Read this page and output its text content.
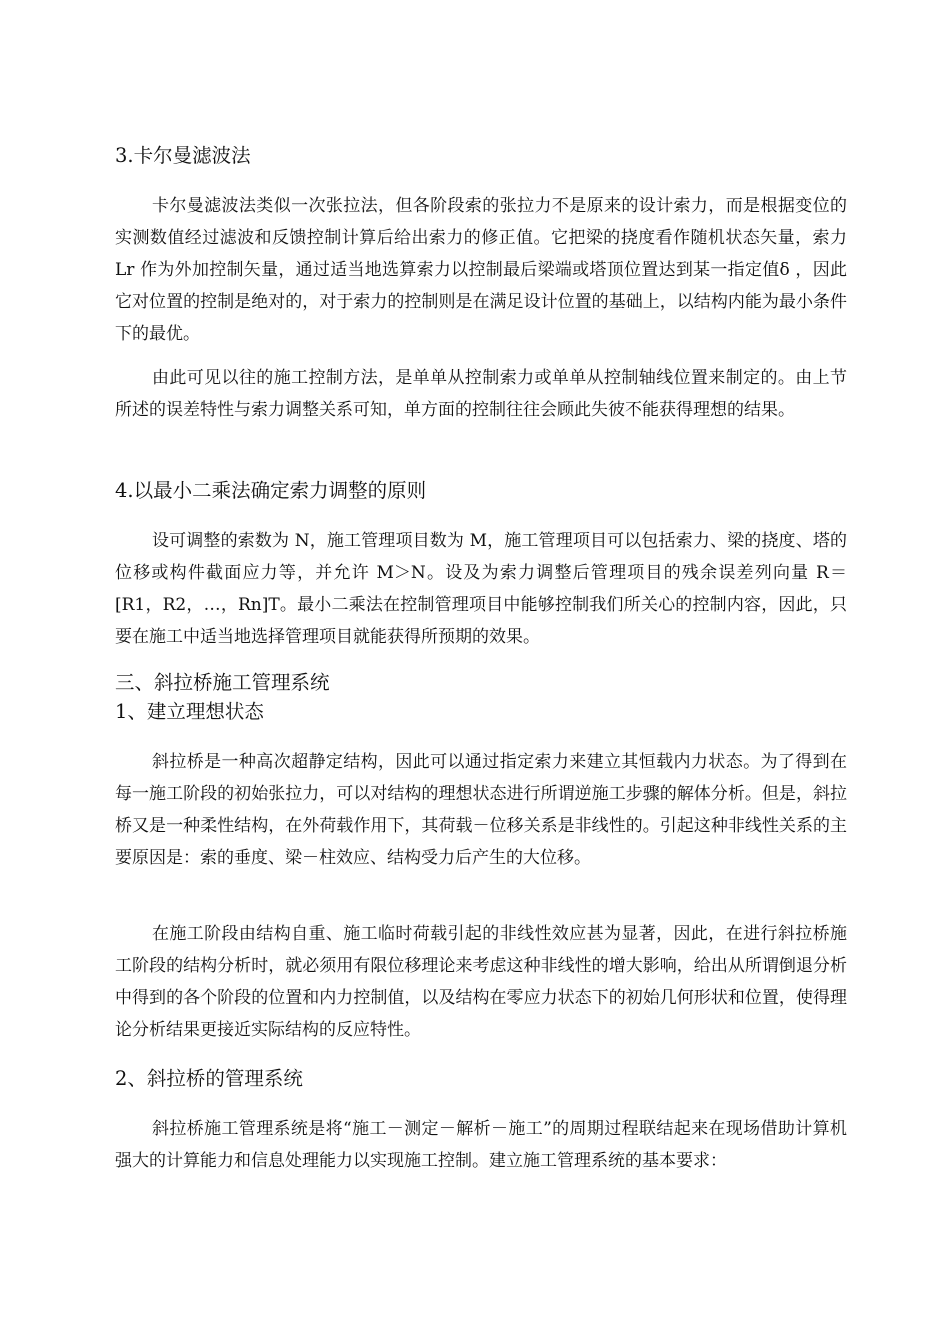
3.卡尔曼滤波法
卡尔曼滤波法类似一次张拉法，但各阶段索的张拉力不是原来的设计索力，而是根据变位的实测数值经过滤波和反馈控制计算后给出索力的修正值。它把梁的挠度看作随机状态矢量，索力 Lr 作为外加控制矢量，通过适当地选算索力以控制最后梁端或塔顶位置达到某一指定值δ ，因此它对位置的控制是绝对的，对于索力的控制则是在满足设计位置的基础上，以结构内能为最小条件下的最优。
由此可见以往的施工控制方法，是单单从控制索力或单单从控制轴线位置来制定的。由上节所述的误差特性与索力调整关系可知，单方面的控制往往会顾此失彼不能获得理想的结果。
4.以最小二乘法确定索力调整的原则
设可调整的索数为 N，施工管理项目数为 M，施工管理项目可以包括索力、梁的挠度、塔的位移或构件截面应力等，并允许 M＞N。设及为索力调整后管理项目的残余误差列向量 R＝[R1，R2，…，Rn]T。最小二乘法在控制管理项目中能够控制我们所关心的控制内容，因此，只要在施工中适当地选择管理项目就能获得所预期的效果。
三、斜拉桥施工管理系统
1、建立理想状态
斜拉桥是一种高次超静定结构，因此可以通过指定索力来建立其恒载内力状态。为了得到在每一施工阶段的初始张拉力，可以对结构的理想状态进行所谓逆施工步骤的解体分析。但是，斜拉桥又是一种柔性结构，在外荷载作用下，其荷载－位移关系是非线性的。引起这种非线性关系的主要原因是：索的垂度、梁－柱效应、结构受力后产生的大位移。
在施工阶段由结构自重、施工临时荷载引起的非线性效应甚为显著，因此，在进行斜拉桥施工阶段的结构分析时，就必须用有限位移理论来考虑这种非线性的增大影响，给出从所谓倒退分析中得到的各个阶段的位置和内力控制值，以及结构在零应力状态下的初始几何形状和位置，使得理论分析结果更接近实际结构的反应特性。
2、斜拉桥的管理系统
斜拉桥施工管理系统是将“施工－测定－解析－施工”的周期过程联结起来在现场借助计算机强大的计算能力和信息处理能力以实现施工控制。建立施工管理系统的基本要求：
